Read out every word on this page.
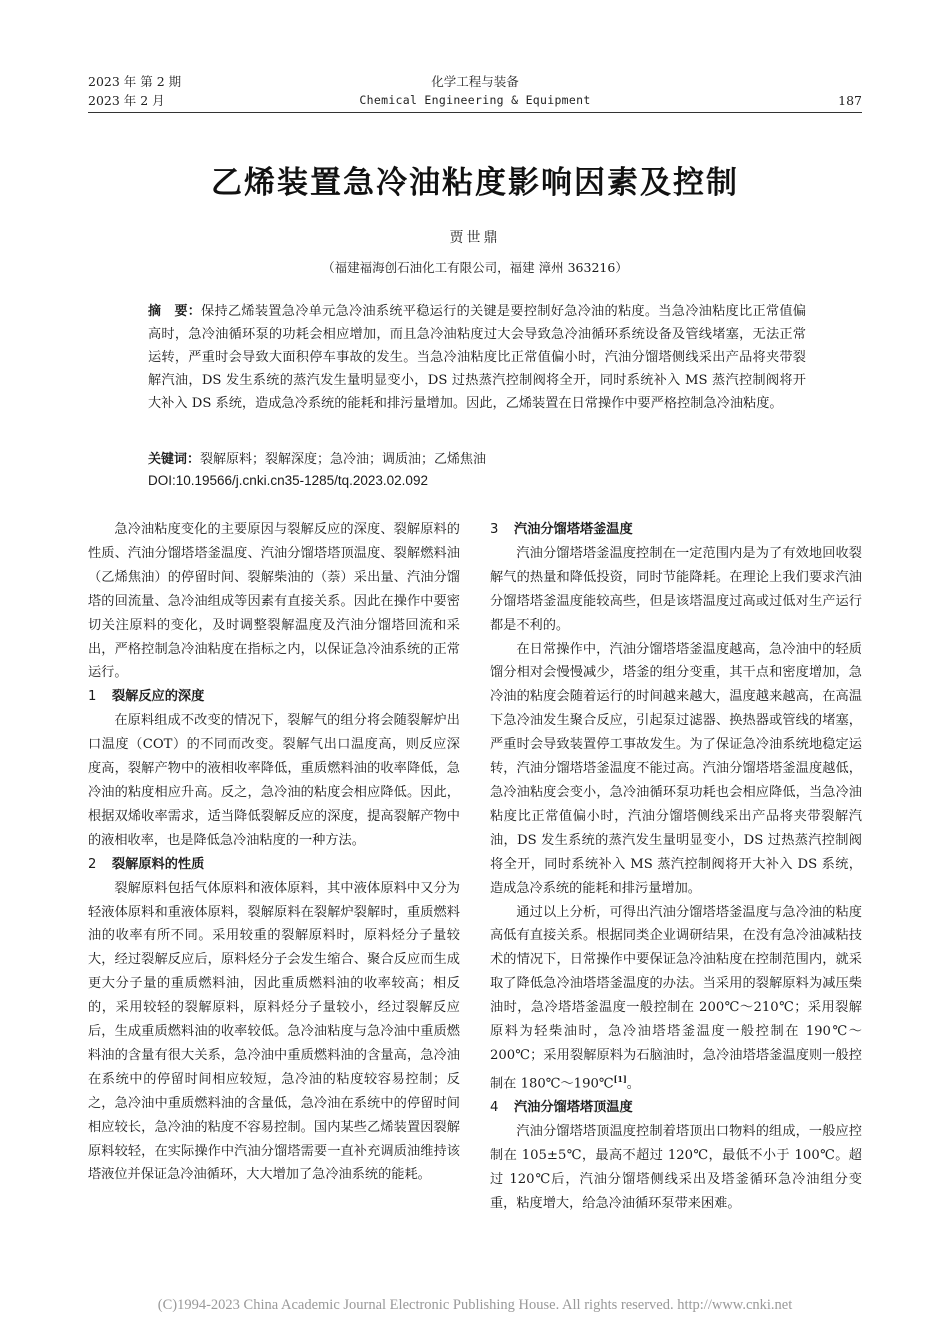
2023 年 第 2 期
2023 年 2 月
化学工程与装备
Chemical Engineering & Equipment	187
乙烯装置急冷油粘度影响因素及控制
贾世鼎
（福建福海创石油化工有限公司，福建 漳州 363216）
摘　要：保持乙烯装置急冷单元急冷油系统平稳运行的关键是要控制好急冷油的粘度。当急冷油粘度比正常值偏高时，急冷油循环泵的功耗会相应增加，而且急冷油粘度过大会导致急冷油循环系统设备及管线堵塞，无法正常运转，严重时会导致大面积停车事故的发生。当急冷油粘度比正常值偏小时，汽油分馏塔侧线采出产品将夹带裂解汽油，DS 发生系统的蒸汽发生量明显变小，DS 过热蒸汽控制阀将全开，同时系统补入 MS 蒸汽控制阀将开大补入 DS 系统，造成急冷系统的能耗和排污量增加。因此，乙烯装置在日常操作中要严格控制急冷油粘度。
关键词：裂解原料；裂解深度；急冷油；调质油；乙烯焦油
DOI:10.19566/j.cnki.cn35-1285/tq.2023.02.092

急冷油粘度变化的主要原因与裂解反应的深度、裂解原料的性质、汽油分馏塔塔釜温度、汽油分馏塔塔顶温度、裂解燃料油（乙烯焦油）的停留时间、裂解柴油的（萘）采出量、汽油分馏塔的回流量、急冷油组成等因素有直接关系。因此在操作中要密切关注原料的变化，及时调整裂解温度及汽油分馏塔回流和采出，严格控制急冷油粘度在指标之内，以保证急冷油系统的正常运行。

1 裂解反应的深度

在原料组成不改变的情况下，裂解气的组分将会随裂解炉出口温度（COT）的不同而改变。裂解气出口温度高，则反应深度高，裂解产物中的液相收率降低，重质燃料油的收率降低，急冷油的粘度相应升高。反之，急冷油的粘度会相应降低。因此，根据双烯收率需求，适当降低裂解反应的深度，提高裂解产物中的液相收率，也是降低急冷油粘度的一种方法。

2 裂解原料的性质

裂解原料包括气体原料和液体原料，其中液体原料中又分为轻液体原料和重液体原料，裂解原料在裂解炉裂解时，重质燃料油的收率有所不同。采用较重的裂解原料时，原料烃分子量较大，经过裂解反应后，原料烃分子会发生缩合、聚合反应而生成更大分子量的重质燃料油，因此重质燃料油的收率较高；相反的，采用较轻的裂解原料，原料烃分子量较小，经过裂解反应后，生成重质燃料油的收率较低。急冷油粘度与急冷油中重质燃料油的含量有很大关系，急冷油中重质燃料油的含量高，急冷油在系统中的停留时间相应较短，急冷油的粘度较容易控制；反之，急冷油中重质燃料油的含量低，急冷油在系统中的停留时间相应较长，急冷油的粘度不容易控制。国内某些乙烯装置因裂解原料较轻，在实际操作中汽油分馏塔需要一直补充调质油维持该塔液位并保证急冷油循环，大大增加了急冷油系统的能耗。

3 汽油分馏塔塔釜温度

汽油分馏塔塔釜温度控制在一定范围内是为了有效地回收裂解气的热量和降低投资，同时节能降耗。在理论上我们要求汽油分馏塔塔釜温度能较高些，但是该塔温度过高或过低对生产运行都是不利的。

在日常操作中，汽油分馏塔塔釜温度越高，急冷油中的轻质馏分相对会慢慢减少，塔釜的组分变重，其干点和密度增加，急冷油的粘度会随着运行的时间越来越大，温度越来越高，在高温下急冷油发生聚合反应，引起泵过滤器、换热器或管线的堵塞，严重时会导致装置停工事故发生。为了保证急冷油系统地稳定运转，汽油分馏塔塔釜温度不能过高。汽油分馏塔塔釜温度越低，急冷油粘度会变小，急冷油循环泵功耗也会相应降低，当急冷油粘度比正常值偏小时，汽油分馏塔侧线采出产品将夹带裂解汽油，DS 发生系统的蒸汽发生量明显变小，DS 过热蒸汽控制阀将全开，同时系统补入 MS 蒸汽控制阀将开大补入 DS 系统，造成急冷系统的能耗和排污量增加。

通过以上分析，可得出汽油分馏塔塔釜温度与急冷油的粘度高低有直接关系。根据同类企业调研结果，在没有急冷油减粘技术的情况下，日常操作中要保证急冷油粘度在控制范围内，就采取了降低急冷油塔塔釜温度的办法。当采用的裂解原料为减压柴油时，急冷塔塔釜温度一般控制在 200℃～210℃；采用裂解原料为轻柴油时，急冷油塔塔釜温度一般控制在 190℃～200℃；采用裂解原料为石脑油时，急冷油塔塔釜温度则一般控制在 180℃～190℃[1]。

4 汽油分馏塔塔顶温度

汽油分馏塔塔顶温度控制着塔顶出口物料的组成，一般应控制在 105±5℃，最高不超过 120℃，最低不小于 100℃。超过 120℃后，汽油分馏塔侧线采出及塔釜循环急冷油组分变重，粘度增大，给急冷油循环泵带来困难。

(C)1994-2023 China Academic Journal Electronic Publishing House. All rights reserved. http://www.cnki.net
